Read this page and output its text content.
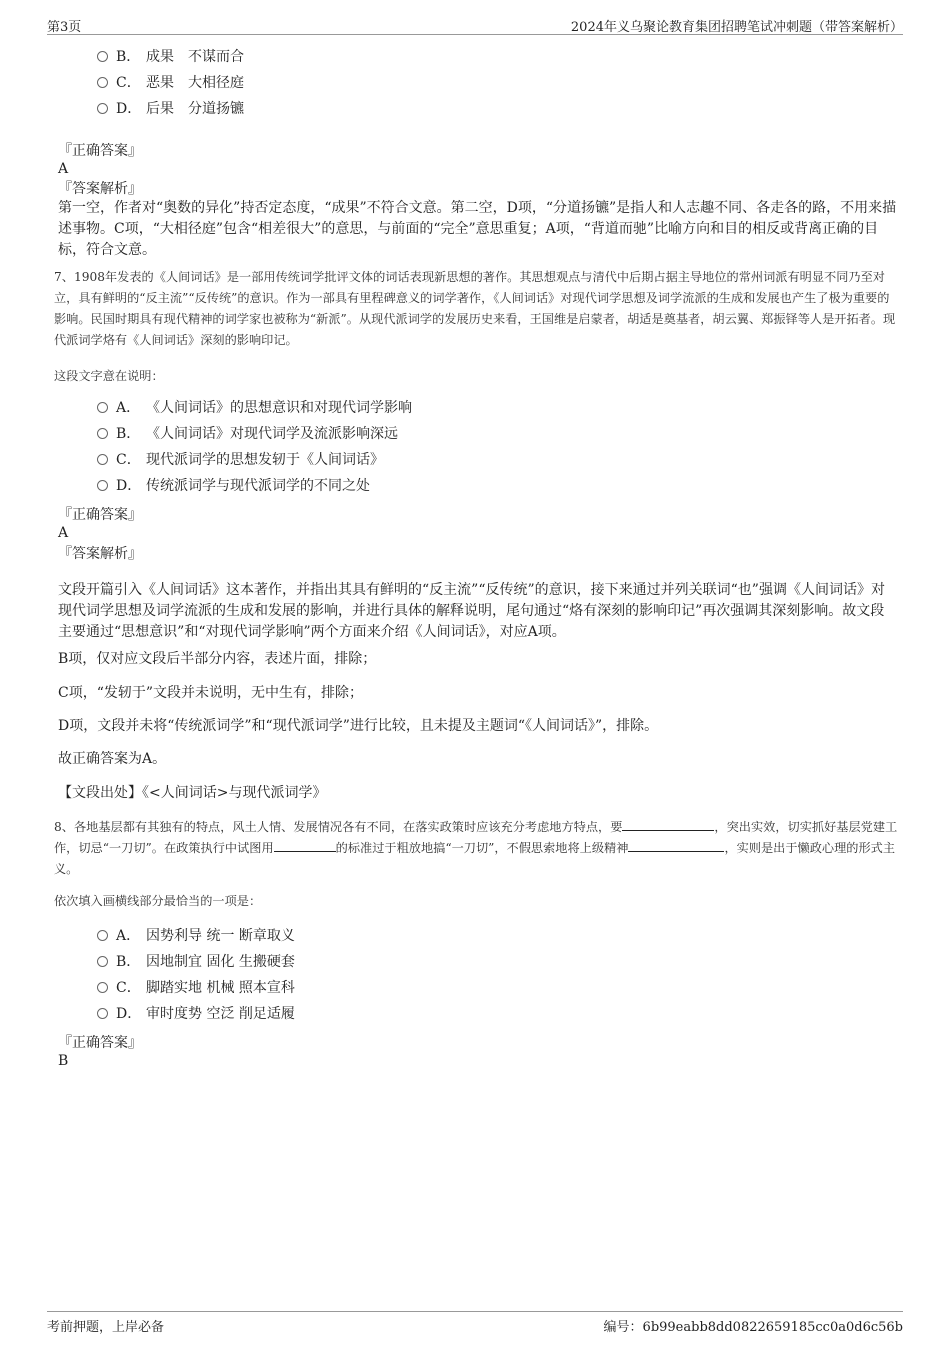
第3页	2024年义乌聚论教育集团招聘笔试冲刺题（带答案解析）
B． 成果　不谋而合
C． 恶果　大相径庭
D． 后果　分道扬镳
『正确答案』
A
『答案解析』
第一空，作者对“奥数的异化”持否定态度，“成果”不符合文意。第二空，D项，“分道扬镳”是指人和人志趣不同、各走各的路，不用来描述事物。C项，“大相径庭”包含“相差很大”的意思，与前面的“完全”意思重复；A项，“背道而驰”比喻方向和目的相反或背离正确的目标，符合文意。
7、1908年发表的《人间词话》是一部用传统词学批评文体的词话表现新思想的著作。其思想观点与清代中后期占据主导地位的常州词派有明显不同乃至对立，具有鲜明的“反主流”“反传统”的意识。作为一部具有里程碑意义的词学著作，《人间词话》对现代词学思想及词学流派的生成和发展也产生了极为重要的影响。民国时期具有现代精神的词学家也被称为“新派”。从现代派词学的发展历史来看，王国维是启蒙者，胡适是奠基者，胡云翼、郑振铎等人是开拓者。现代派词学烙有《人间词话》深刻的影响印记。
这段文字意在说明：
A． 《人间词话》的思想意识和对现代词学影响
B． 《人间词话》对现代词学及流派影响深远
C． 现代派词学的思想发轫于《人间词话》
D． 传统派词学与现代派词学的不同之处
『正确答案』
A
『答案解析』
文段开篇引入《人间词话》这本著作，并指出其具有鲜明的“反主流”“反传统”的意识，接下来通过并列关联词“也”强调《人间词话》对现代词学思想及词学流派的生成和发展的影响，并进行具体的解释说明，尾句通过“烙有深刻的影响印记”再次强调其深刻影响。故文段主要通过“思想意识”和“对现代词学影响”两个方面来介绍《人间词话》，对应A项。
B项，仅对应文段后半部分内容，表述片面，排除；
C项，“发轫于”文段并未说明，无中生有，排除；
D项，文段并未将“传统派词学”和“现代派词学”进行比较，且未提及主题词“《人间词话》”，排除。
故正确答案为A。
【文段出处】《<人间词话>与现代派词学》
8、各地基层都有其独有的特点，风土人情、发展情况各有不同，在落实政策时应该充分考虑地方特点，要	，突出实效，切实抓好基层党建工作，切忌“一刀切”。在政策执行中试图用	的标准过于粗放地搞“一刀切”，不假思索地将上级精神	，实则是出于懒政心理的形式主义。
依次填入画横线部分最恰当的一项是：
A． 因势利导 统一 断章取义
B． 因地制宜 固化 生搬硬套
C． 脚踏实地 机械 照本宣科
D． 审时度势 空泛 削足适履
『正确答案』
B
考前押题，上岸必备	编号：6b99eabb8dd0822659185cc0a0d6c56b
